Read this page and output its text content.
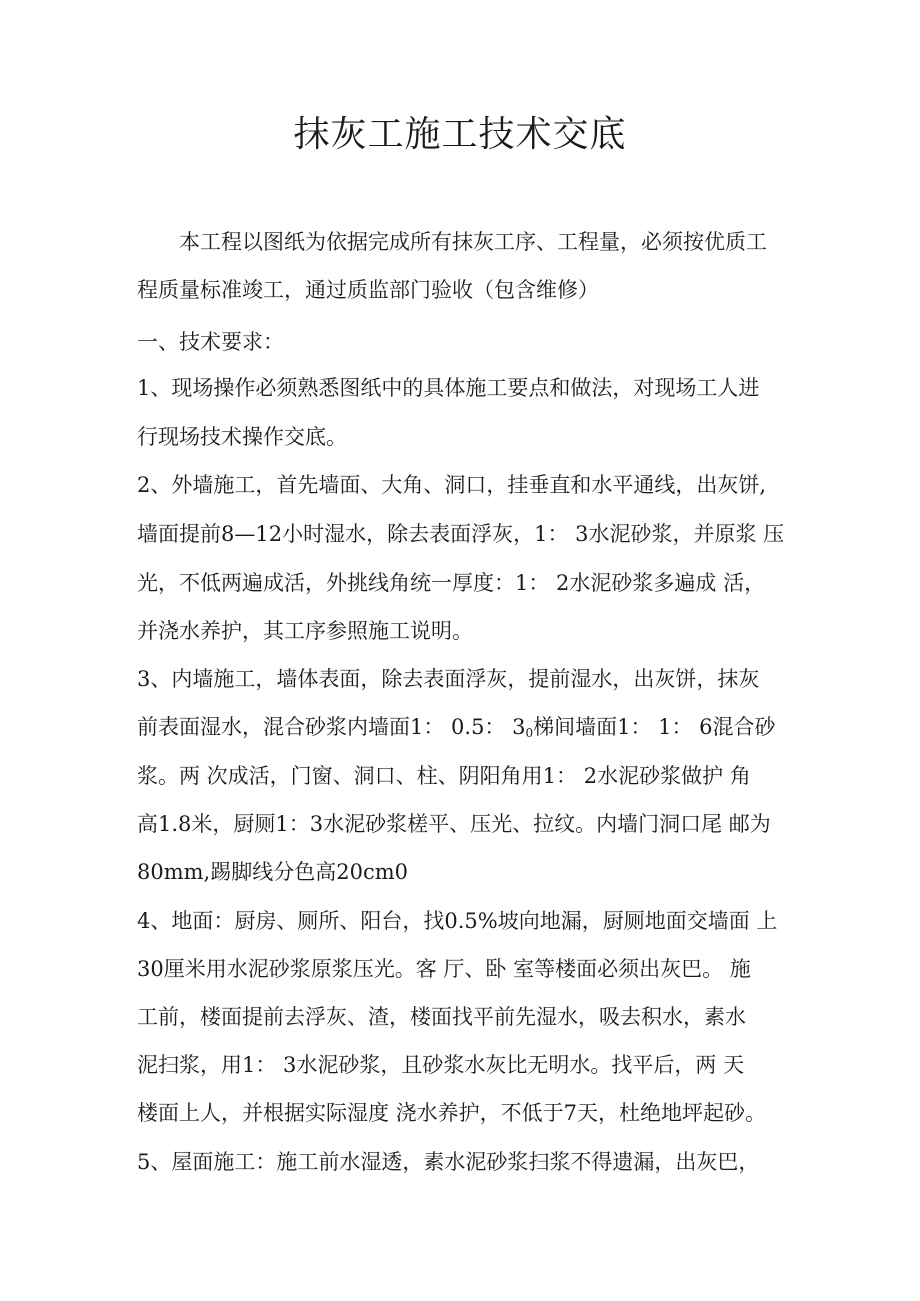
抹灰工施工技术交底

本工程以图纸为依据完成所有抹灰工序、工程量，必须按优质工

程质量标准竣工，通过质监部门验收（包含维修）

一、技术要求：

1、现场操作必须熟悉图纸中的具体施工要点和做法，对现场工人进

行现场技术操作交底。

2、外墙施工，首先墙面、大角、洞口，挂垂直和水平通线，出灰饼,

墙面提前8—12小时湿水，除去表面浮灰，1： 3水泥砂浆，并原浆 压

光，不低两遍成活，外挑线角统一厚度：1： 2水泥砂浆多遍成 活，

并浇水养护，其工序参照施工说明。

3、内墙施工，墙体表面，除去表面浮灰，提前湿水，出灰饼，抹灰

前表面湿水，混合砂浆内墙面1： 0.5： $3_0$梯间墙面1： 1： 6混合砂

浆。两 次成活，门窗、洞口、柱、阴阳角用1： 2水泥砂浆做护 角

高1.8米，厨厕1：3水泥砂浆槎平、压光、拉纹。内墙门洞口尾 邮为

80mm,踢脚线分色高20cm0

4、地面：厨房、厕所、阳台，找0.5%坡向地漏，厨厕地面交墙面 上

30厘米用水泥砂浆原浆压光。客 厅、卧 室等楼面必须出灰巴。 施

工前，楼面提前去浮灰、渣，楼面找平前先湿水，吸去积水，素水

泥扫浆，用1： 3水泥砂浆，且砂浆水灰比无明水。找平后，两 天

楼面上人，并根据实际湿度 浇水养护，不低于7天，杜绝地坪起砂。

5、屋面施工：施工前水湿透，素水泥砂浆扫浆不得遗漏，出灰巴，
